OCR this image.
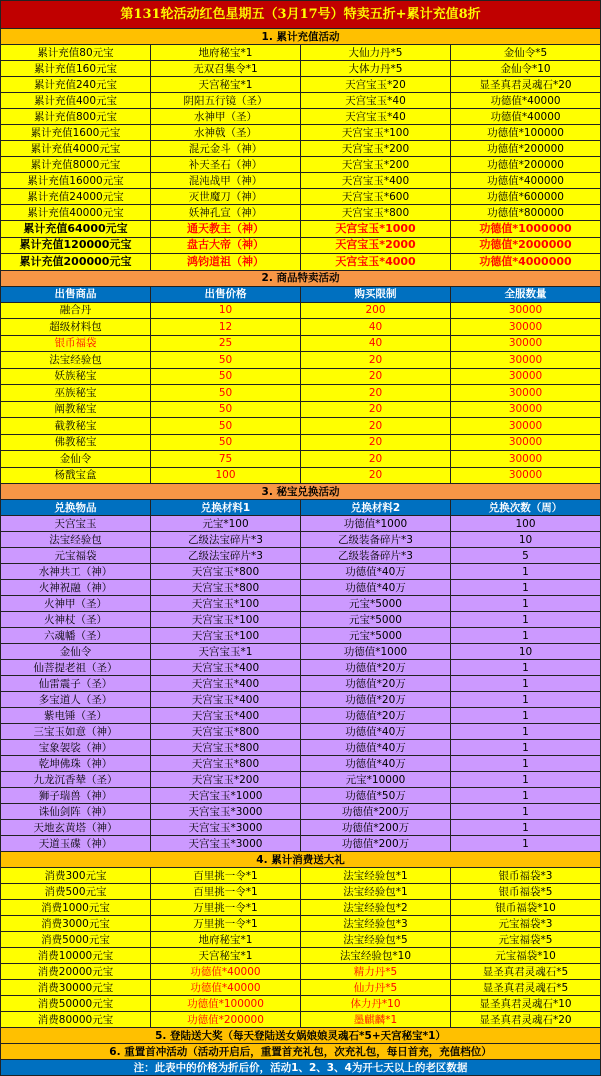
第131轮活动红色星期五（3月17号）特卖五折+累计充值8折			
1. 累计充值活动			
累计充值80元宝	地府秘宝*1	大仙力丹*5	金仙令*5
累计充值160元宝	无双召集令*1	大体力丹*5	金仙令*10
累计充值240元宝	天宫秘宝*1	天宫宝玉*20	显圣真君灵魂石*20
累计充值400元宝	阴阳五行镜（圣）	天宫宝玉*40	功德值*40000
累计充值800元宝	水神甲（圣）	天宫宝玉*40	功德值*40000
累计充值1600元宝	水神戟（圣）	天宫宝玉*100	功德值*100000
累计充值4000元宝	混元金斗（神）	天宫宝玉*200	功德值*200000
累计充值8000元宝	补天圣石（神）	天宫宝玉*200	功德值*200000
累计充值16000元宝	混沌战甲（神）	天宫宝玉*400	功德值*400000
累计充值24000元宝	灭世魔刀（神）	天宫宝玉*600	功德值*600000
累计充值40000元宝	妖神孔宣（神）	天宫宝玉*800	功德值*800000
累计充值64000元宝	通天教主（神）	天宫宝玉*1000	功德值*1000000
累计充值120000元宝	盘古大帝（神）	天宫宝玉*2000	功德值*2000000
累计充值200000元宝	鸿钧道祖（神）	天宫宝玉*4000	功德值*4000000
2. 商品特卖活动			
出售商品	出售价格	购买限制	全服数量
融合丹	10	200	30000
超级材料包	12	40	30000
银币福袋	25	40	30000
法宝经验包	50	20	30000
妖族秘宝	50	20	30000
巫族秘宝	50	20	30000
阐教秘宝	50	20	30000
截教秘宝	50	20	30000
佛教秘宝	50	20	30000
金仙令	75	20	30000
杨戬宝盒	100	20	30000
3. 秘宝兑换活动			
兑换物品	兑换材料1	兑换材料2	兑换次数（周）
天宫宝玉	元宝*100	功德值*1000	100
法宝经验包	乙级法宝碎片*3	乙级装备碎片*3	10
元宝福袋	乙级法宝碎片*3	乙级装备碎片*3	5
水神共工（神）	天宫宝玉*800	功德值*40万	1
火神祝融（神）	天宫宝玉*800	功德值*40万	1
火神甲（圣）	天宫宝玉*100	元宝*5000	1
火神杖（圣）	天宫宝玉*100	元宝*5000	1
六魂幡（圣）	天宫宝玉*100	元宝*5000	1
金仙令	天宫宝玉*1	功德值*1000	10
仙菩提老祖（圣）	天宫宝玉*400	功德值*20万	1
仙雷震子（圣）	天宫宝玉*400	功德值*20万	1
多宝道人（圣）	天宫宝玉*400	功德值*20万	1
紫电锤（圣）	天宫宝玉*400	功德值*20万	1
三宝玉如意（神）	天宫宝玉*800	功德值*40万	1
宝象袈裟（神）	天宫宝玉*800	功德值*40万	1
乾坤佛珠（神）	天宫宝玉*800	功德值*40万	1
九龙沉香辇（圣）	天宫宝玉*200	元宝*10000	1
狮子瑞兽（神）	天宫宝玉*1000	功德值*50万	1
诛仙剑阵（神）	天宫宝玉*3000	功德值*200万	1
天地玄黄塔（神）	天宫宝玉*3000	功德值*200万	1
天道玉碟（神）	天宫宝玉*3000	功德值*200万	1
4. 累计消费送大礼			
消费300元宝	百里挑一令*1	法宝经验包*1	银币福袋*3
消费500元宝	百里挑一令*1	法宝经验包*1	银币福袋*5
消费1000元宝	万里挑一令*1	法宝经验包*2	银币福袋*10
消费3000元宝	万里挑一令*1	法宝经验包*3	元宝福袋*3
消费5000元宝	地府秘宝*1	法宝经验包*5	元宝福袋*5
消费10000元宝	天宫秘宝*1	法宝经验包*10	元宝福袋*10
消费20000元宝	功德值*40000	精力丹*5	显圣真君灵魂石*5
消费30000元宝	功德值*40000	仙力丹*5	显圣真君灵魂石*5
消费50000元宝	功德值*100000	体力丹*10	显圣真君灵魂石*10
消费80000元宝	功德值*200000	墨麒麟*1	显圣真君灵魂石*20
5. 登陆送大奖（每天登陆送女娲娘娘灵魂石*5+天宫秘宝*1）			
6. 重置首冲活动（活动开启后，重置首充礼包，次充礼包，每日首充，充值档位）			
注：此表中的价格为折后价，活动1、2、3、4为开七天以上的老区数据			
